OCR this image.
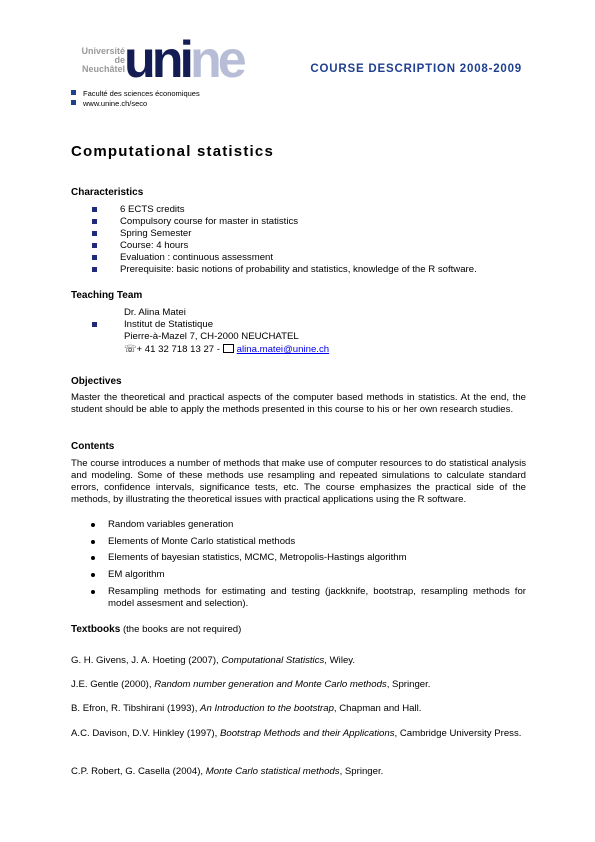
Université
de Neuchâtel unine	COURSE DESCRIPTION 2008-2009
Faculté des sciences économiques
www.unine.ch/seco
Computational statistics
Characteristics
6 ECTS credits
Compulsory course for master in statistics
Spring Semester
Course: 4 hours
Evaluation : continuous assessment
Prerequisite: basic notions of probability and statistics, knowledge of the R software.
Teaching Team
Dr. Alina Matei
Institut de Statistique
Pierre-à-Mazel 7, CH-2000 NEUCHATEL
☏+ 41 32 718 13 27 - alina.matei@unine.ch
Objectives
Master the theoretical and practical aspects of the computer based methods in statistics. At the end, the student should be able to apply the methods presented in this course to his or her own research studies.
Contents
The course introduces a number of methods that make use of computer resources to do statistical analysis and modeling. Some of these methods use resampling and repeated simulations to calculate standard errors, confidence intervals, significance tests, etc. The course emphasizes the practical side of the methods, by illustrating the theoretical issues with practical applications using the R software.
Random variables generation
Elements of Monte Carlo statistical methods
Elements of bayesian statistics, MCMC, Metropolis-Hastings algorithm
EM algorithm
Resampling methods for estimating and testing (jackknife, bootstrap, resampling methods for model assesment and selection).
Textbooks (the books are not required)
G. H. Givens, J. A. Hoeting (2007), Computational Statistics, Wiley.
J.E. Gentle (2000), Random number generation and Monte Carlo methods, Springer.
B. Efron, R. Tibshirani (1993), An Introduction to the bootstrap, Chapman and Hall.
A.C. Davison, D.V. Hinkley (1997), Bootstrap Methods and their Applications, Cambridge University Press.
C.P. Robert, G. Casella (2004), Monte Carlo statistical methods, Springer.
